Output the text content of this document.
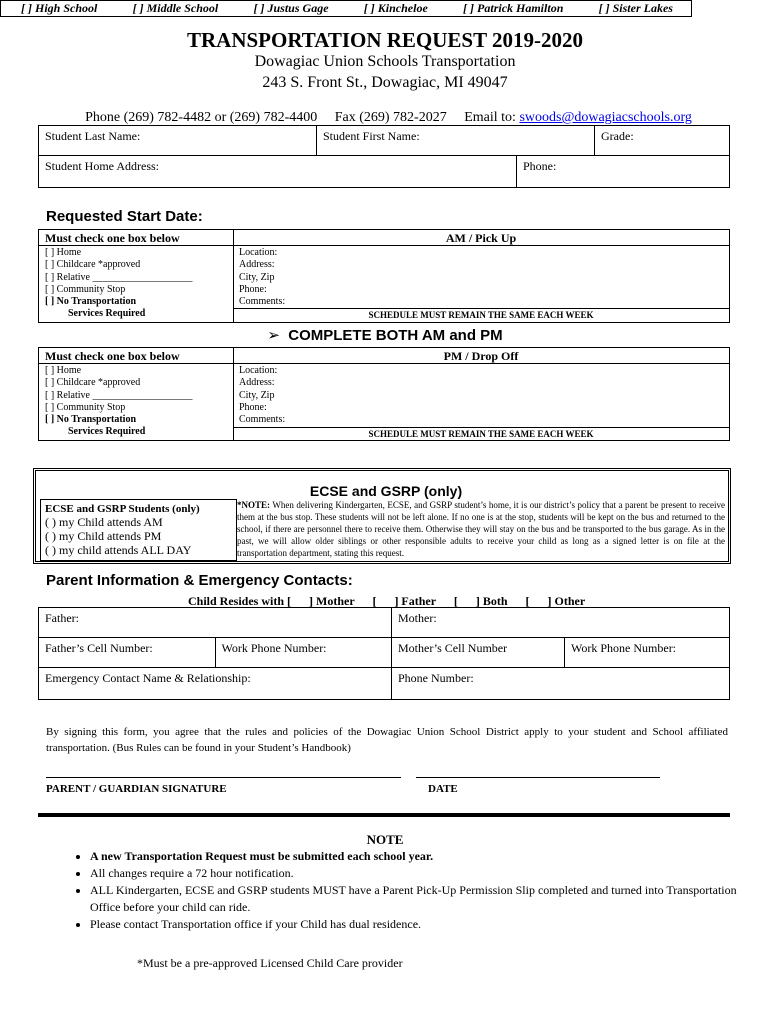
TRANSPORTATION REQUEST 2019-2020
Dowagiac Union Schools Transportation
243 S. Front St., Dowagiac, MI 49047

Phone (269) 782-4482 or (269) 782-4400     Fax (269) 782-2027     Email to: swoods@dowagiacschools.org

Student Last Name:	Student First Name:	Grade:
Student Home Address:	Phone:
[ ] High School	[ ] Middle School	[ ] Justus Gage	[ ] Kincheloe	[ ] Patrick Hamilton	[ ] Sister Lakes
Requested Start Date:
Must check one box below	AM / Pick Up
[ ] Home
[ ] Childcare *approved
[ ] Relative ____________________
[ ] Community Stop
[ ] No Transportation
Services Required
Location:
Address:
City, Zip
Phone:
Comments:
SCHEDULE MUST REMAIN THE SAME EACH WEEK
➢ COMPLETE BOTH AM and PM
Must check one box below	PM / Drop Off
[ ] Home
[ ] Childcare *approved
[ ] Relative ____________________
[ ] Community Stop
[ ] No Transportation
Services Required
Location:
Address:
City, Zip
Phone:
Comments:
SCHEDULE MUST REMAIN THE SAME EACH WEEK
ECSE and GSRP (only)
ECSE and GSRP Students (only)
( ) my Child attends AM
( ) my Child attends PM
( ) my child attends ALL DAY
*NOTE: When delivering Kindergarten, ECSE, and GSRP student’s home, it is our district’s policy that a parent be present to receive them at the bus stop. These students will not be left alone. If no one is at the stop, students will be kept on the bus and returned to the school, if there are personnel there to receive them. Otherwise they will stay on the bus and be transported to the bus garage. As in the past, we will allow older siblings or other responsible adults to receive your child as long as a signed letter is on file at the transportation department, stating this request.
Parent Information & Emergency Contacts:
Child Resides with [      ] Mother      [      ] Father      [      ] Both      [      ] Other
Father:		Mother:	
Father’s Cell Number:	Work Phone Number:	Mother’s Cell Number	Work Phone Number:
Emergency Contact Name & Relationship:		Phone Number:	
By signing this form, you agree that the rules and policies of the Dowagiac Union School District apply to your student and School affiliated transportation. (Bus Rules can be found in your Student’s Handbook)
PARENT / GUARDIAN SIGNATURE	DATE
NOTE
• A new Transportation Request must be submitted each school year.
• All changes require a 72 hour notification.
• ALL Kindergarten, ECSE and GSRP students MUST have a Parent Pick-Up Permission Slip completed and turned into Transportation Office before your child can ride.
• Please contact Transportation office if your Child has dual residence.
*Must be a pre-approved Licensed Child Care provider
